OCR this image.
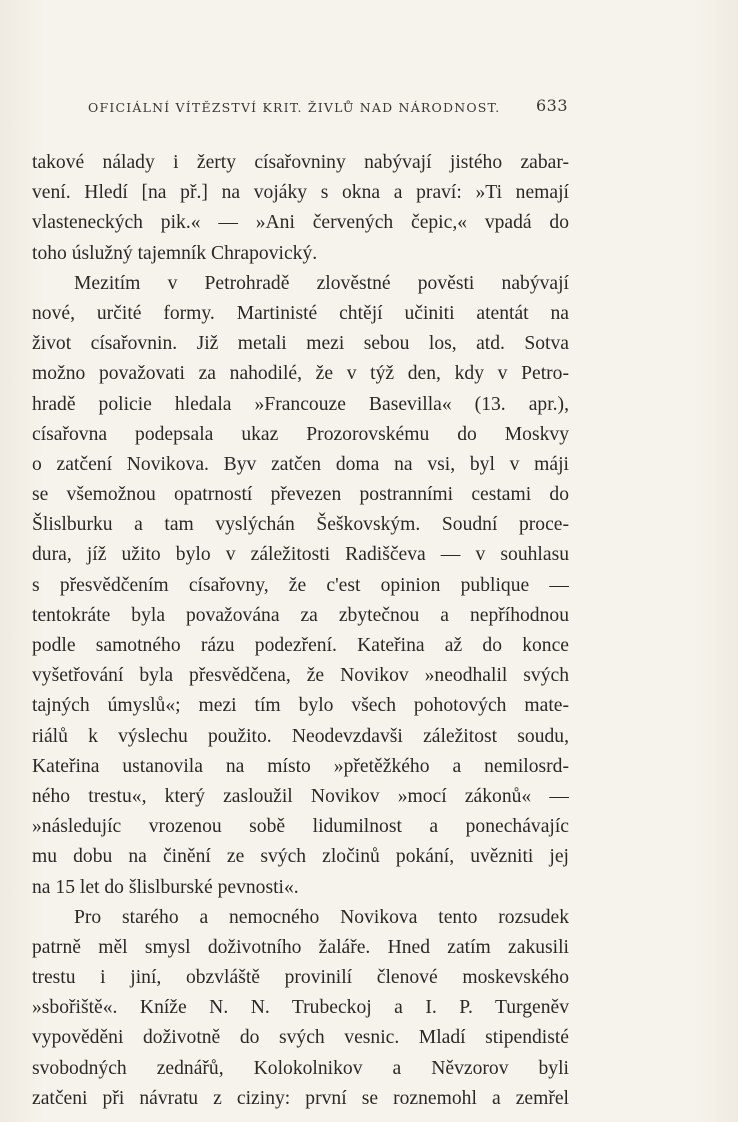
OFICIÁLNÍ VÍTĚZSTVÍ KRIT. ŽIVLŮ NAD NÁRODNOST. 633
takové nálady i žerty císařovniny nabývají jistého zabar-
vení. Hledí [na př.] na vojáky s okna a praví: »Ti nemají
vlasteneckých pik.« — »Ani červených čepic,« vpadá do
toho úslužný tajemník Chrapovický.
Mezitím v Petrohradě zlověstné pověsti nabývají
nové, určité formy. Martinisté chtějí učiniti atentát na
život císařovnin. Již metali mezi sebou los, atd. Sotva
možno považovati za nahodilé, že v týž den, kdy v Petro-
hradě policie hledala »Francouze Basevilla« (13. apr.),
císařovna podepsala ukaz Prozorovskému do Moskvy
o zatčení Novikova. Byv zatčen doma na vsi, byl v máji
se všemožnou opatrností převezen postranními cestami do
Šlislburku a tam vyslýchán Šeškovským. Soudní proce-
dura, jíž užito bylo v záležitosti Radiščeva — v souhlasu
s přesvědčením císařovny, že c'est opinion publique —
tentokráte byla považována za zbytečnou a nepříhodnou
podle samotného rázu podezření. Kateřina až do konce
vyšetřování byla přesvědčena, že Novikov »neodhalil svých
tajných úmyslů«; mezi tím bylo všech pohotových mate-
riálů k výslechu použito. Neodevzdavši záležitost soudu,
Kateřina ustanovila na místo »přetěžkého a nemilosrd-
ného trestu«, který zasloužil Novikov »mocí zákonů« —
»následujíc vrozenou sobě lidumilnost a ponechávajíc
mu dobu na činění ze svých zločinů pokání, uvězniti jej
na 15 let do šlislburské pevnosti«.
Pro starého a nemocného Novikova tento rozsudek
patrně měl smysl doživotního žaláře. Hned zatím zakusili
trestu i jiní, obzvláště provinilí členové moskevského
»sbořiště«. Kníže N. N. Trubeckoj a I. P. Turgeněv
vypověděni doživotně do svých vesnic. Mladí stipendisté
svobodných zednářů, Kolokolnikov a Něvzorov byli
zatčeni při návratu z ciziny: první se roznemohl a zemřel
